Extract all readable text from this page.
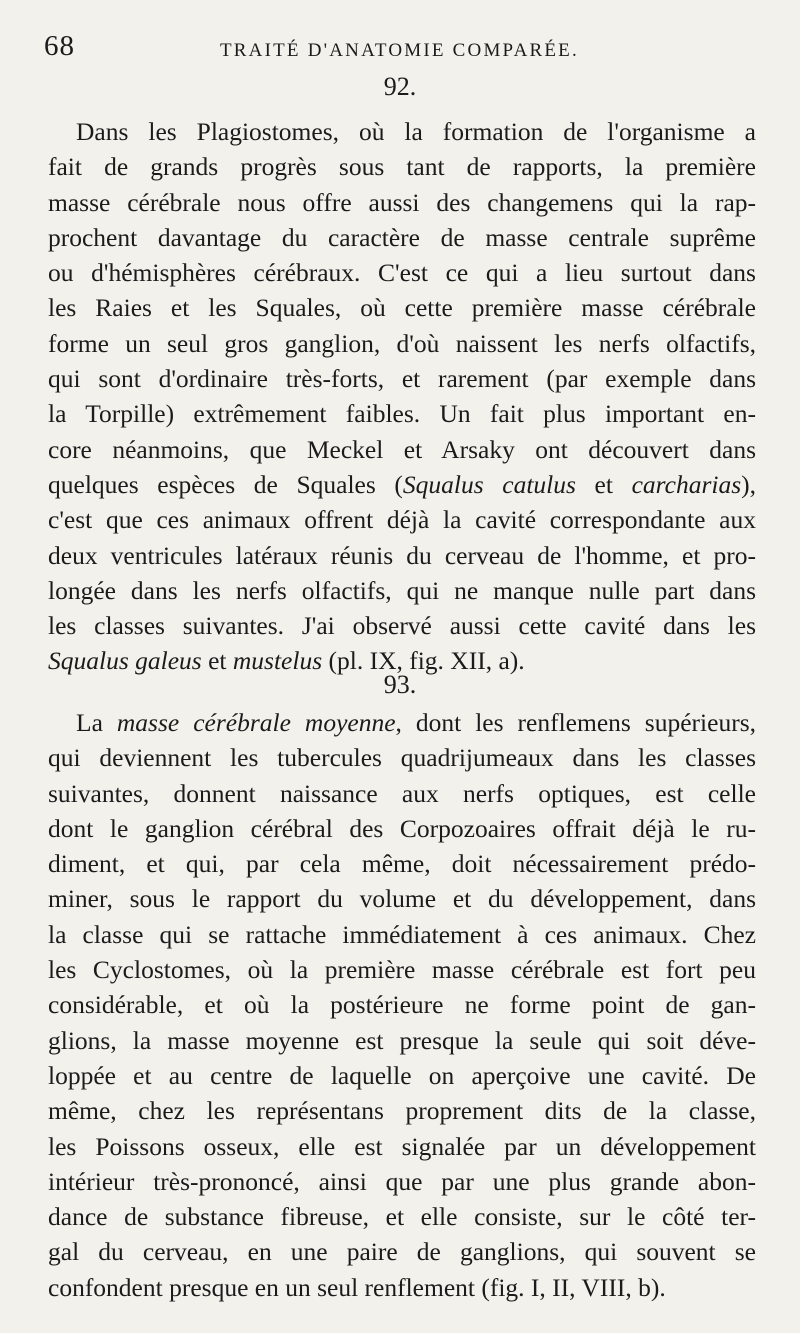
68	TRAITÉ D'ANATOMIE COMPARÉE.
92.
Dans les Plagiostomes, où la formation de l'organisme a
fait de grands progrès sous tant de rapports, la première
masse cérébrale nous offre aussi des changemens qui la rap-
prochent davantage du caractère de masse centrale suprême
ou d'hémisphères cérébraux. C'est ce qui a lieu surtout dans
les Raies et les Squales, où cette première masse cérébrale
forme un seul gros ganglion, d'où naissent les nerfs olfactifs,
qui sont d'ordinaire très-forts, et rarement (par exemple dans
la Torpille) extrêmement faibles. Un fait plus important en-
core néanmoins, que Meckel et Arsaky ont découvert dans
quelques espèces de Squales (Squalus catulus et carcharias),
c'est que ces animaux offrent déjà la cavité correspondante aux
deux ventricules latéraux réunis du cerveau de l'homme, et pro-
longée dans les nerfs olfactifs, qui ne manque nulle part dans
les classes suivantes. J'ai observé aussi cette cavité dans les
Squalus galeus et mustelus (pl. IX, fig. XII, a).
93.
La masse cérébrale moyenne, dont les renflemens supérieurs,
qui deviennent les tubercules quadrijumeaux dans les classes
suivantes, donnent naissance aux nerfs optiques, est celle
dont le ganglion cérébral des Corpozoaires offrait déjà le ru-
diment, et qui, par cela même, doit nécessairement prédo-
miner, sous le rapport du volume et du développement, dans
la classe qui se rattache immédiatement à ces animaux. Chez
les Cyclostomes, où la première masse cérébrale est fort peu
considérable, et où la postérieure ne forme point de gan-
glions, la masse moyenne est presque la seule qui soit déve-
loppée et au centre de laquelle on aperçoive une cavité. De
même, chez les représentans proprement dits de la classe,
les Poissons osseux, elle est signalée par un développement
intérieur très-prononcé, ainsi que par une plus grande abon-
dance de substance fibreuse, et elle consiste, sur le côté ter-
gal du cerveau, en une paire de ganglions, qui souvent se
confondent presque en un seul renflement (fig. I, II, VIII, b).
